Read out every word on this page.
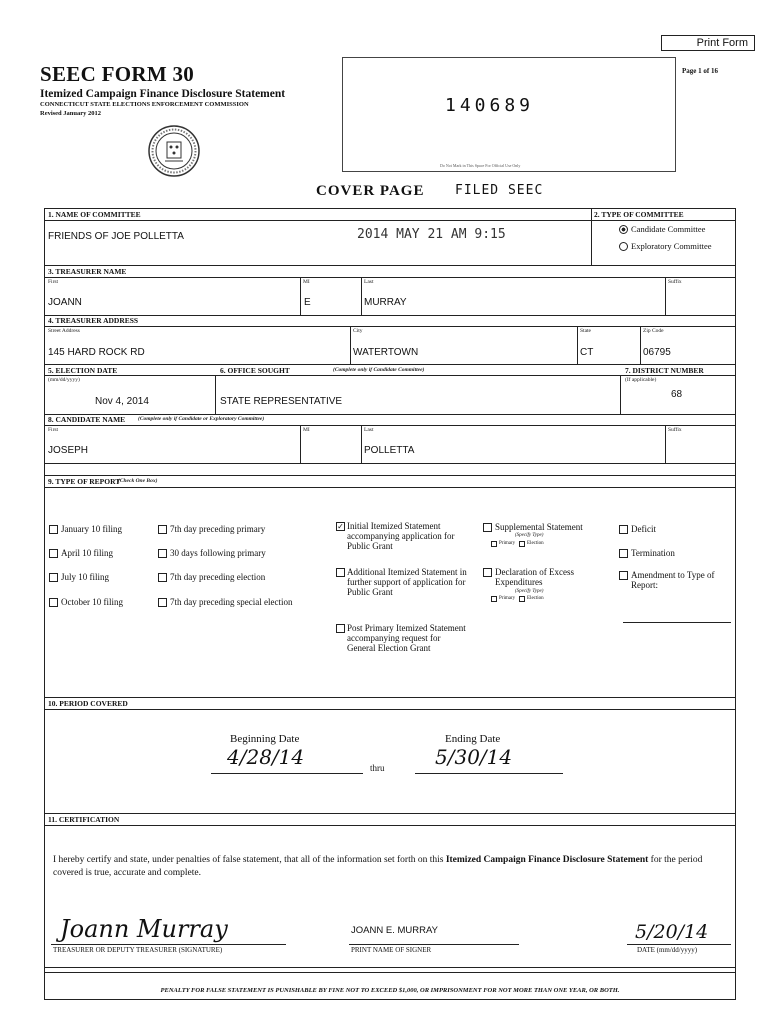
SEEC FORM 30
Itemized Campaign Finance Disclosure Statement
CONNECTICUT STATE ELECTIONS ENFORCEMENT COMMISSION
Revised January 2012
Print Form
Page 1 of 16
140689
Do Not Mark in This Space For Official Use Only
COVER PAGE FILED SEEC
1. NAME OF COMMITTEE
FRIENDS OF JOE POLLETTA	2014 MAY 21 AM 9:15
2. TYPE OF COMMITTEE
Candidate Committee
Exploratory Committee
3. TREASURER NAME
First
JOANN
MI
E
Last
MURRAY
Suffix
4. TREASURER ADDRESS
Street Address
145 HARD ROCK RD
City
WATERTOWN
State
CT
Zip Code
06795
5. ELECTION DATE
(mm/dd/yyyy)
Nov 4, 2014
6. OFFICE SOUGHT	(Complete only if Candidate Committee)
STATE REPRESENTATIVE
7. DISTRICT NUMBER
(If applicable)
68
8. CANDIDATE NAME (Complete only if Candidate or Exploratory Committee)
First
JOSEPH
MI	Last
POLLETTA
Suffix
9. TYPE OF REPORT
(Check One Box)
January 10 filing
April 10 filing
July 10 filing
October 10 filing
7th day preceding primary
30 days following primary
7th day preceding election
7th day preceding special election
✓ Initial Itemized Statement accompanying application for Public Grant
Additional Itemized Statement in further support of application for Public Grant
Post Primary Itemized Statement accompanying request for General Election Grant
Supplemental Statement
(Specify Type)
Primary Election
Declaration of Excess Expenditures
(Specify Type)
Primary Election
Deficit
Termination
Amendment to Type of Report:
10. PERIOD COVERED
Beginning Date
4/28/14	thru
Ending Date
5/30/14
11. CERTIFICATION
I hereby certify and state, under penalties of false statement, that all of the information set forth on this Itemized Campaign Finance Disclosure Statement for the period covered is true, accurate and complete.
Joann Murray
TREASURER OR DEPUTY TREASURER (SIGNATURE)
JOANN E. MURRAY
PRINT NAME OF SIGNER
5/20/14
DATE (mm/dd/yyyy)
PENALTY FOR FALSE STATEMENT IS PUNISHABLE BY FINE NOT TO EXCEED $1,000, OR IMPRISONMENT FOR NOT MORE THAN ONE YEAR, OR BOTH.
